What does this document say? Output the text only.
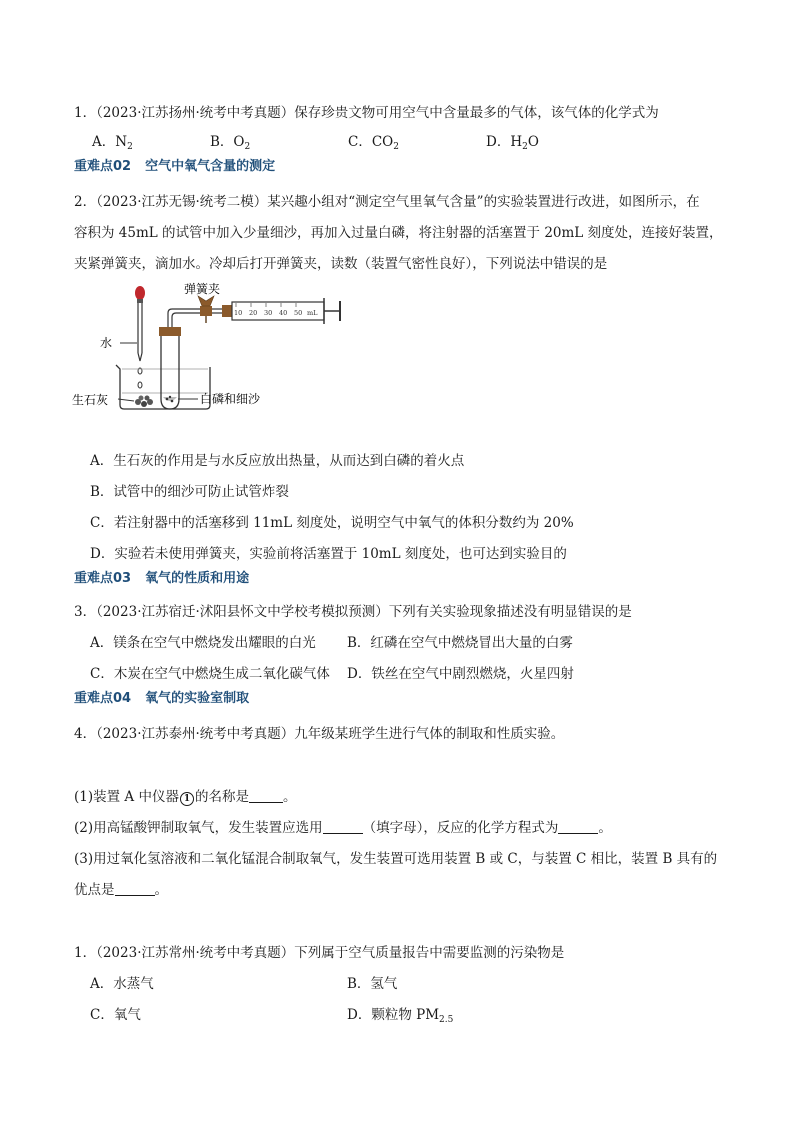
1．（2023·江苏扬州·统考中考真题）保存珍贵文物可用空气中含量最多的气体，该气体的化学式为
A．$N_2$	B．$O_2$	C．$CO_2$	D．$H_2O$
重难点02 空气中氧气含量的测定
2．（2023·江苏无锡·统考二模）某兴趣小组对“测定空气里氧气含量”的实验装置进行改进，如图所示，在
容积为 45mL 的试管中加入少量细沙，再加入过量白磷，将注射器的活塞置于 20mL 刻度处，连接好装置，
夹紧弹簧夹，滴加水。冷却后打开弹簧夹，读数（装置气密性良好），下列说法中错误的是
水
生石灰	白磷和细沙
弹簧夹
10 20 30 40 50 mL
A．生石灰的作用是与水反应放出热量，从而达到白磷的着火点
B．试管中的细沙可防止试管炸裂
C．若注射器中的活塞移到 11mL 刻度处，说明空气中氧气的体积分数约为 20%
D．实验若未使用弹簧夹，实验前将活塞置于 10mL 刻度处，也可达到实验目的
重难点03 氧气的性质和用途
3．（2023·江苏宿迁·沭阳县怀文中学校考模拟预测）下列有关实验现象描述没有明显错误的是
A．镁条在空气中燃烧发出耀眼的白光 B．红磷在空气中燃烧冒出大量的白雾
C．木炭在空气中燃烧生成二氧化碳气体 D．铁丝在空气中剧烈燃烧，火星四射
重难点04 氧气的实验室制取
4．（2023·江苏泰州·统考中考真题）九年级某班学生进行气体的制取和性质实验。
(1)装置 A 中仪器 1 的名称是	。
(2)用高锰酸钾制取氧气，发生装置应选用	（填字母），反应的化学方程式为	。
(3)用过氧化氢溶液和二氧化锰混合制取氧气，发生装置可选用装置 B 或 C，与装置 C 相比，装置 B 具有的
优点是	。
1．（2023·江苏常州·统考中考真题）下列属于空气质量报告中需要监测的污染物是
A．水蒸气	B．氢气
C．氧气	D．颗粒物 $PM_{2.5}$
